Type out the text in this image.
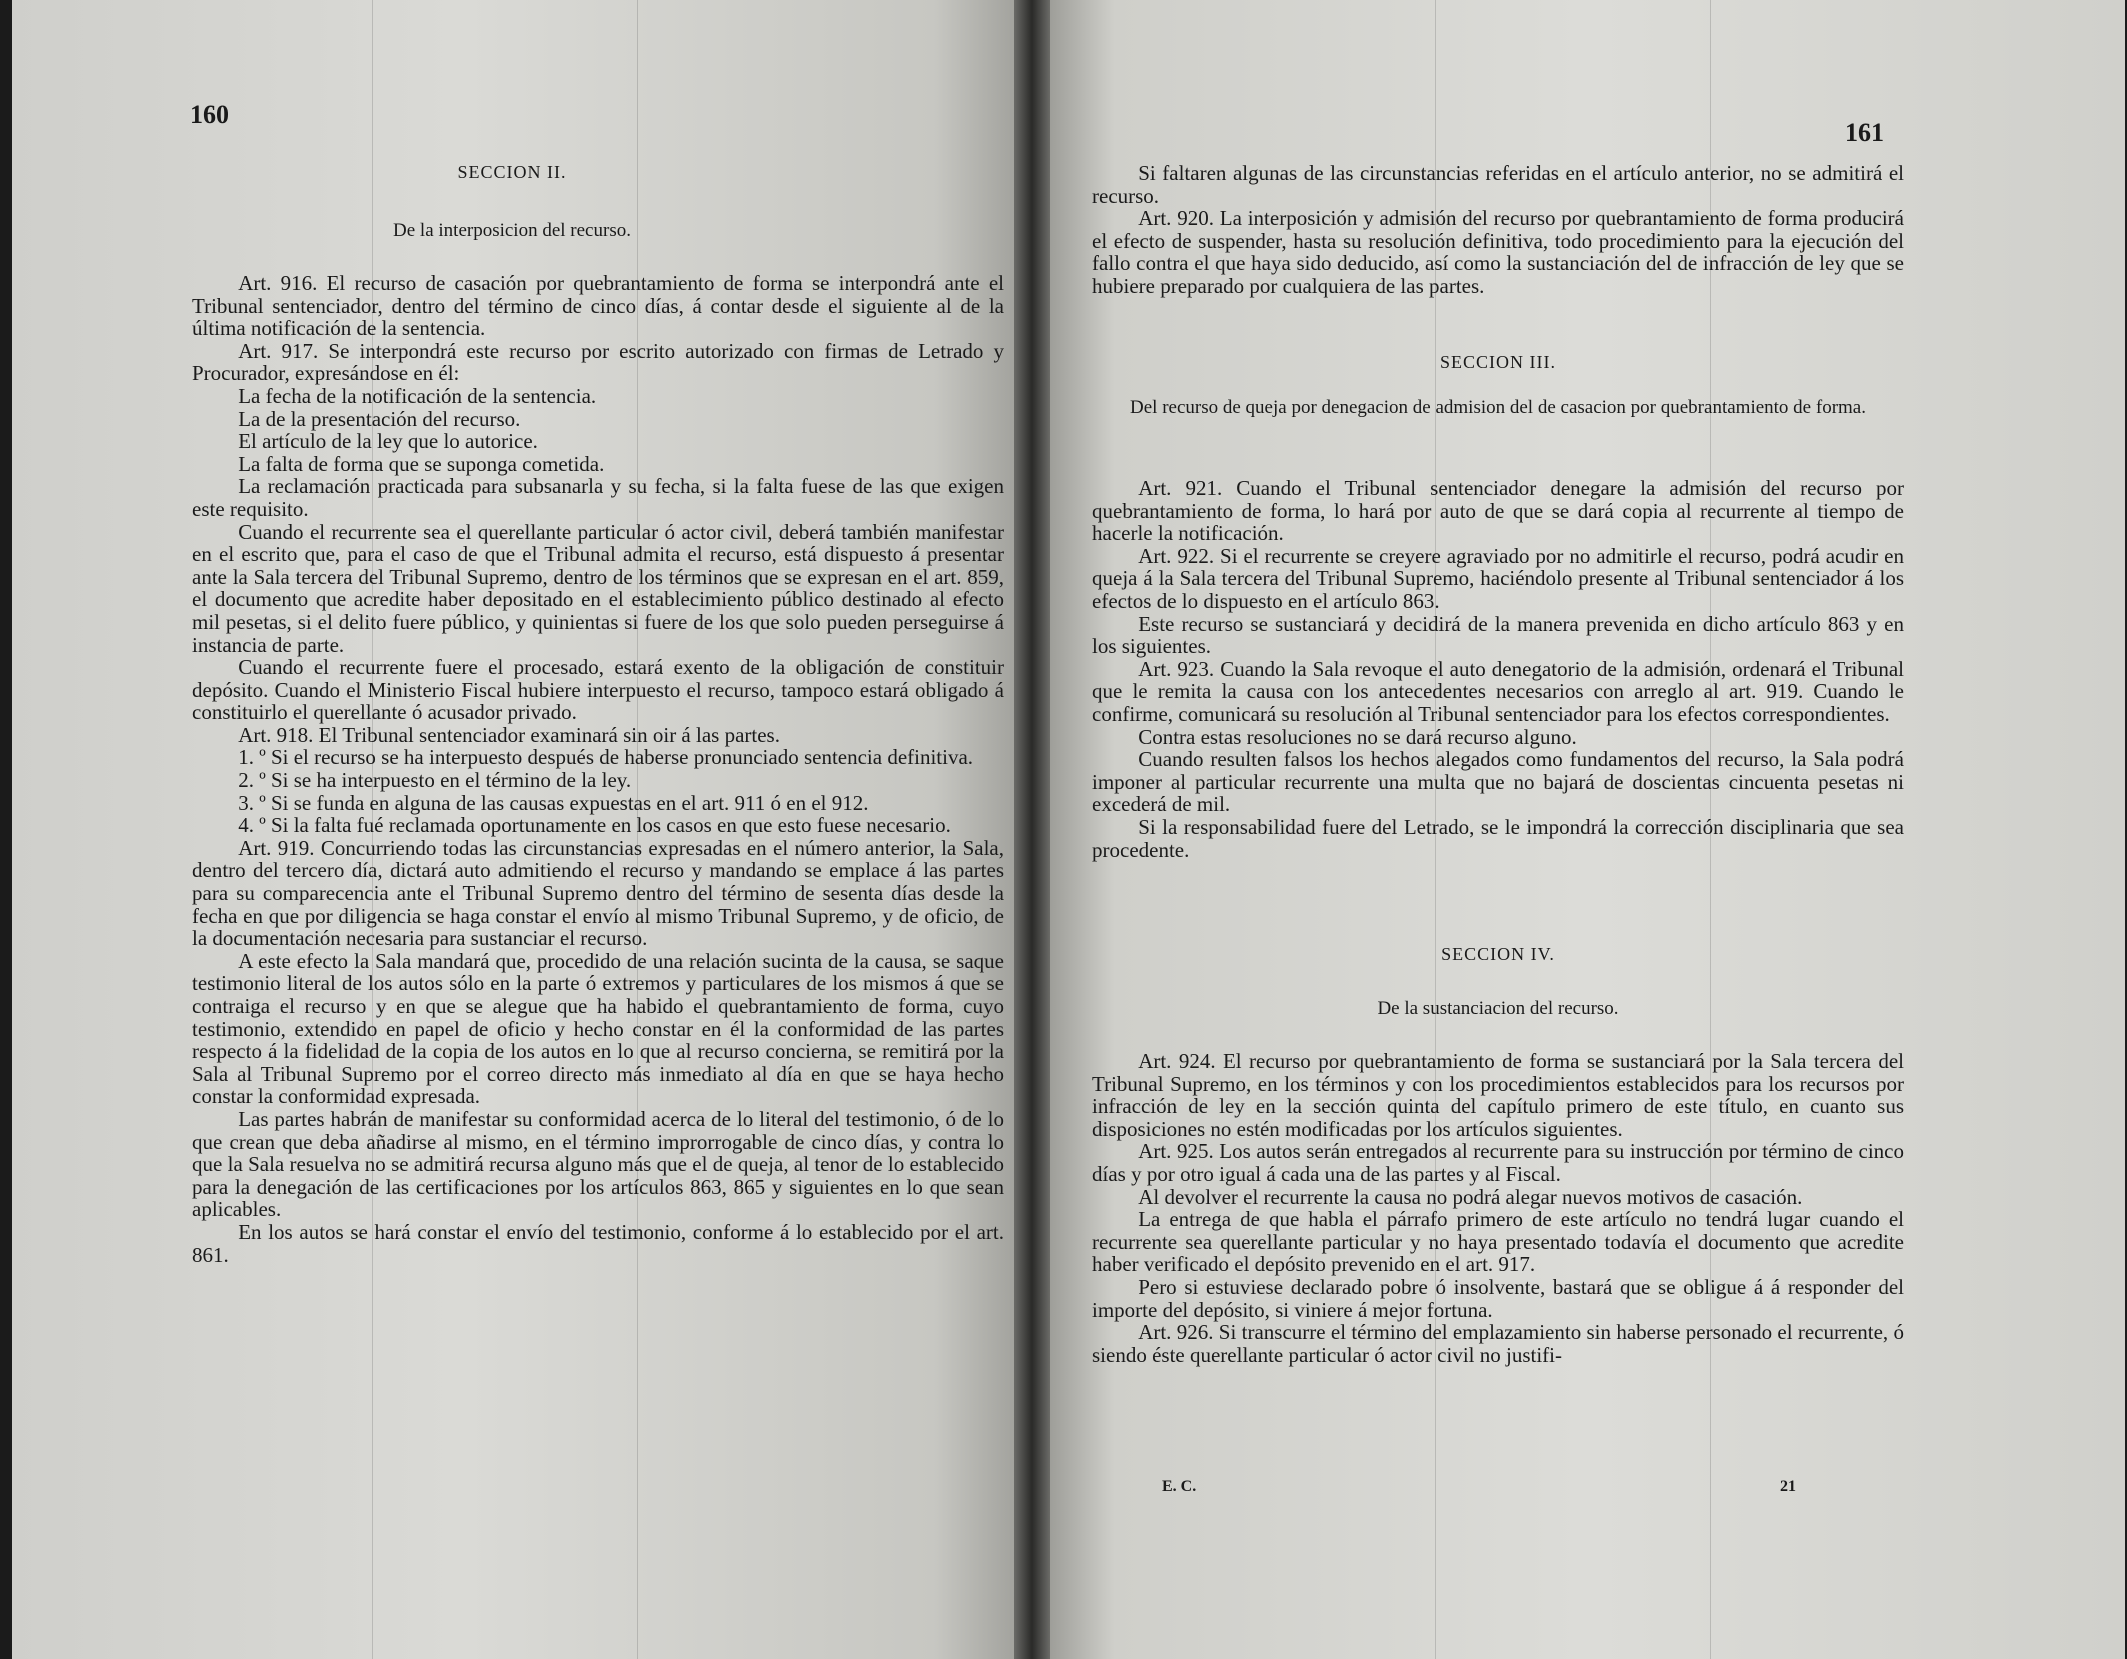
160
SECCION II.
De la interposicion del recurso.

Art. 916. El recurso de casación por quebrantamiento de forma se interpondrá ante el Tribunal sentenciador, dentro del término de cinco días, á contar desde el siguiente al de la última notificación de la sentencia.

Art. 917. Se interpondrá este recurso por escrito autorizado con firmas de Letrado y Procurador, expresándose en él:

La fecha de la notificación de la sentencia.

La de la presentación del recurso.

El artículo de la ley que lo autorice.

La falta de forma que se suponga cometida.

La reclamación practicada para subsanarla y su fecha, si la falta fuese de las que exigen este requisito.

Cuando el recurrente sea el querellante particular ó actor civil, deberá también manifestar en el escrito que, para el caso de que el Tribunal admita el recurso, está dispuesto á presentar ante la Sala tercera del Tribunal Supremo, dentro de los términos que se expresan en el art. 859, el documento que acredite haber depositado en el establecimiento público destinado al efecto mil pesetas, si el delito fuere público, y quinientas si fuere de los que solo pueden perseguirse á instancia de parte.

Cuando el recurrente fuere el procesado, estará exento de la obligación de constituir depósito. Cuando el Ministerio Fiscal hubiere interpuesto el recurso, tampoco estará obligado á constituirlo el querellante ó acusador privado.

Art. 918. El Tribunal sentenciador examinará sin oir á las partes.

1. º Si el recurso se ha interpuesto después de haberse pronunciado sentencia definitiva.

2. º Si se ha interpuesto en el término de la ley.

3. º Si se funda en alguna de las causas expuestas en el art. 911 ó en el 912.

4. º Si la falta fué reclamada oportunamente en los casos en que esto fuese necesario.

Art. 919. Concurriendo todas las circunstancias expresadas en el número anterior, la Sala, dentro del tercero día, dictará auto admitiendo el recurso y mandando se emplace á las partes para su comparecencia ante el Tribunal Supremo dentro del término de sesenta días desde la fecha en que por diligencia se haga constar el envío al mismo Tribunal Supremo, y de oficio, de la documentación necesaria para sustanciar el recurso.

A este efecto la Sala mandará que, procedido de una relación sucinta de la causa, se saque testimonio literal de los autos sólo en la parte ó extremos y particulares de los mismos á que se contraiga el recurso y en que se alegue que ha habido el quebrantamiento de forma, cuyo testimonio, extendido en papel de oficio y hecho constar en él la conformidad de las partes respecto á la fidelidad de la copia de los autos en lo que al recurso concierna, se remitirá por la Sala al Tribunal Supremo por el correo directo más inmediato al día en que se haya hecho constar la conformidad expresada.

Las partes habrán de manifestar su conformidad acerca de lo literal del testimonio, ó de lo que crean que deba añadirse al mismo, en el término improrrogable de cinco días, y contra lo que la Sala resuelva no se admitirá recursa alguno más que el de queja, al tenor de lo establecido para la denegación de las certificaciones por los artículos 863, 865 y siguientes en lo que sean aplicables.

En los autos se hará constar el envío del testimonio, conforme á lo establecido por el art. 861.

161

Si faltaren algunas de las circunstancias referidas en el artículo anterior, no se admitirá el recurso.

Art. 920. La interposición y admisión del recurso por quebrantamiento de forma producirá el efecto de suspender, hasta su resolución definitiva, todo procedimiento para la ejecución del fallo contra el que haya sido deducido, así como la sustanciación del de infracción de ley que se hubiere preparado por cualquiera de las partes.

SECCION III.
Del recurso de queja por denegacion de admision del de casacion por quebrantamiento de forma.

Art. 921. Cuando el Tribunal sentenciador denegare la admisión del recurso por quebrantamiento de forma, lo hará por auto de que se dará copia al recurrente al tiempo de hacerle la notificación.

Art. 922. Si el recurrente se creyere agraviado por no admitirle el recurso, podrá acudir en queja á la Sala tercera del Tribunal Supremo, haciéndolo presente al Tribunal sentenciador á los efectos de lo dispuesto en el artículo 863.

Este recurso se sustanciará y decidirá de la manera prevenida en dicho artículo 863 y en los siguientes.

Art. 923. Cuando la Sala revoque el auto denegatorio de la admisión, ordenará el Tribunal que le remita la causa con los antecedentes necesarios con arreglo al art. 919. Cuando le confirme, comunicará su resolución al Tribunal sentenciador para los efectos correspondientes.

Contra estas resoluciones no se dará recurso alguno.

Cuando resulten falsos los hechos alegados como fundamentos del recurso, la Sala podrá imponer al particular recurrente una multa que no bajará de doscientas cincuenta pesetas ni excederá de mil.

Si la responsabilidad fuere del Letrado, se le impondrá la corrección disciplinaria que sea procedente.

SECCION IV.
De la sustanciacion del recurso.

Art. 924. El recurso por quebrantamiento de forma se sustanciará por la Sala tercera del Tribunal Supremo, en los términos y con los procedimientos establecidos para los recursos por infracción de ley en la sección quinta del capítulo primero de este título, en cuanto sus disposiciones no estén modificadas por los artículos siguientes.

Art. 925. Los autos serán entregados al recurrente para su instrucción por término de cinco días y por otro igual á cada una de las partes y al Fiscal.

Al devolver el recurrente la causa no podrá alegar nuevos motivos de casación.

La entrega de que habla el párrafo primero de este artículo no tendrá lugar cuando el recurrente sea querellante particular y no haya presentado todavía el documento que acredite haber verificado el depósito prevenido en el art. 917.

Pero si estuviese declarado pobre ó insolvente, bastará que se obligue á á responder del importe del depósito, si viniere á mejor fortuna.

Art. 926. Si transcurre el término del emplazamiento sin haberse personado el recurrente, ó siendo éste querellante particular ó actor civil no justifi-

E. C.	21
